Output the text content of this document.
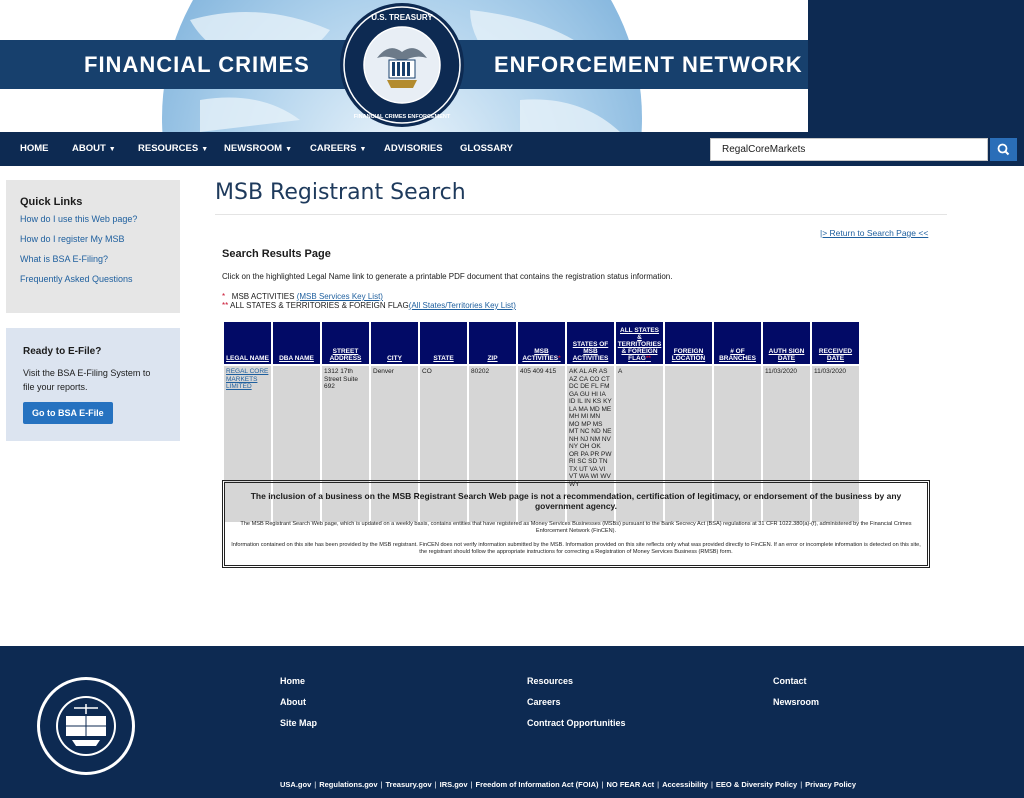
FINANCIAL CRIMES	ENFORCEMENT NETWORK
U.S. TREASURY
FINANCIAL CRIMES ENFORCEMENT
HOME ABOUT ▼ RESOURCES ▼ NEWSROOM ▼ CAREERS ▼ ADVISORIES GLOSSARY
RegalCoreMarkets
Quick Links
How do I use this Web page?
How do I register My MSB
What is BSA E-Filing?
Frequently Asked Questions
Ready to E-File?
Visit the BSA E-Filing System to file your reports.
Go to BSA E-File
MSB Registrant Search
|> Return to Search Page <<
Search Results Page
Click on the highlighted Legal Name link to generate a printable PDF document that contains the registration status information.
* MSB ACTIVITIES (MSB Services Key List)
** ALL STATES & TERRITORIES & FOREIGN FLAG(All States/Territories Key List)
LEGAL NAME	DBA NAME	STREET ADDRESS	CITY	STATE	ZIP	MSB ACTIVITIES*	STATES OF MSB ACTIVITIES	ALL STATES & TERRITORIES & FOREIGN FLAG**	FOREIGN LOCATION	# OF BRANCHES	AUTH SIGN DATE	RECEIVED DATE
REGAL CORE MARKETS LIMITED		1312 17th Street Suite 692	Denver	CO	80202	405 409 415	AK AL AR AS AZ CA CO CT DC DE FL FM GA GU HI IA ID IL IN KS KY LA MA MD ME MH MI MN MO MP MS MT NC ND NE NH NJ NM NV NY OH OK OR PA PR PW RI SC SD TN TX UT VA VI VT WA WI WV WY	A			11/03/2020	11/03/2020
The inclusion of a business on the MSB Registrant Search Web page is not a recommendation, certification of legitimacy, or endorsement of the business by any government agency.
The MSB Registrant Search Web page, which is updated on a weekly basis, contains entities that have registered as Money Services Businesses (MSBs) pursuant to the Bank Secrecy Act (BSA) regulations at 31 CFR 1022.380(a)-(f), administered by the Financial Crimes Enforcement Network (FinCEN).
Information contained on this site has been provided by the MSB registrant. FinCEN does not verify information submitted by the MSB. Information provided on this site reflects only what was provided directly to FinCEN. If an error or incomplete information is detected on this site, the registrant should follow the appropriate instructions for correcting a Registration of Money Services Business (RMSB) form.
Home
About
Site Map
Resources
Careers
Contract Opportunities
Contact
Newsroom
USA.gov | Regulations.gov | Treasury.gov | IRS.gov | Freedom of Information Act (FOIA) | NO FEAR Act | Accessibility | EEO & Diversity Policy | Privacy Policy
